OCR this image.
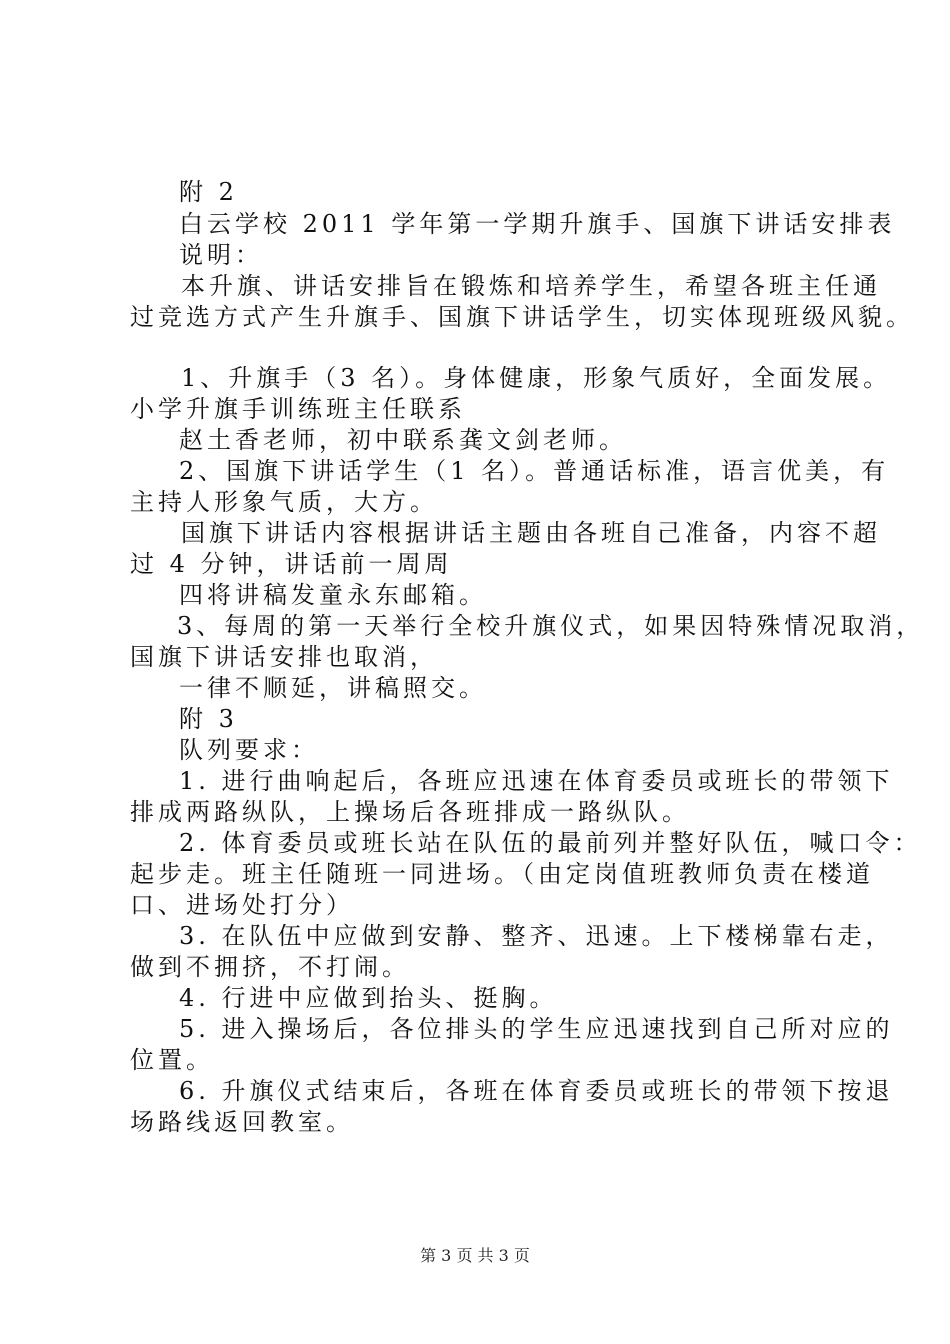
附 2
白云学校 2011 学年第一学期升旗手、国旗下讲话安排表
说明：
本升旗、讲话安排旨在锻炼和培养学生，希望各班主任通
过竞选方式产生升旗手、国旗下讲话学生，切实体现班级风貌。
1、升旗手（3 名）。身体健康，形象气质好，全面发展。
小学升旗手训练班主任联系
赵土香老师，初中联系龚文剑老师。
2、国旗下讲话学生（1 名）。普通话标准，语言优美，有
主持人形象气质，大方。
国旗下讲话内容根据讲话主题由各班自己准备，内容不超
过 4 分钟，讲话前一周周
四将讲稿发童永东邮箱。
3、每周的第一天举行全校升旗仪式，如果因特殊情况取消，
国旗下讲话安排也取消，
一律不顺延，讲稿照交。
附 3
队列要求：
1. 进行曲响起后，各班应迅速在体育委员或班长的带领下
排成两路纵队，上操场后各班排成一路纵队。
2. 体育委员或班长站在队伍的最前列并整好队伍，喊口令：
起步走。班主任随班一同进场。（由定岗值班教师负责在楼道
口、进场处打分）
3. 在队伍中应做到安静、整齐、迅速。上下楼梯靠右走，
做到不拥挤，不打闹。
4. 行进中应做到抬头、挺胸。
5. 进入操场后，各位排头的学生应迅速找到自己所对应的
位置。
6. 升旗仪式结束后，各班在体育委员或班长的带领下按退
场路线返回教室。
第 3 页 共 3 页
